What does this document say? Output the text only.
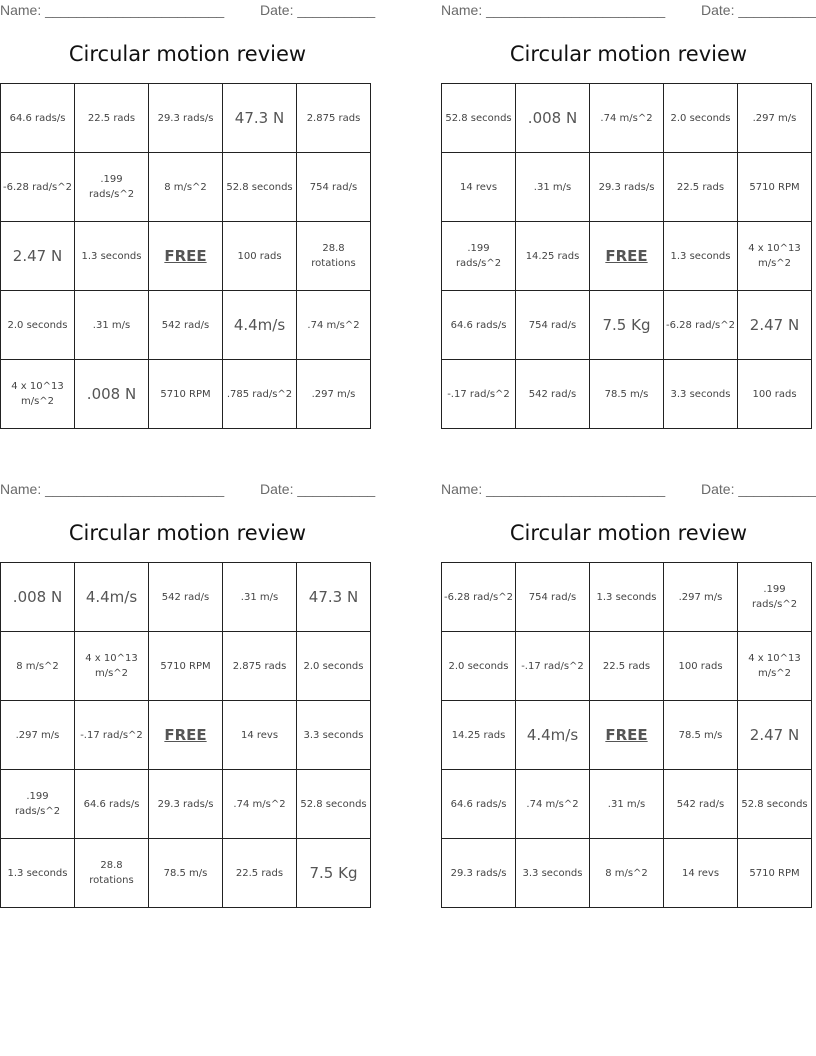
Name: _______________________	Date: __________
Circular motion review
64.6 rads/s	22.5 rads	29.3 rads/s	47.3 N	2.875 rads
-6.28 rad/s^2	.199 rads/s^2	8 m/s^2	52.8 seconds	754 rad/s
2.47 N	1.3 seconds	FREE	100 rads	28.8 rotations
2.0 seconds	.31 m/s	542 rad/s	4.4m/s	.74 m/s^2
4 x 10^13 m/s^2	.008 N	5710 RPM	.785 rad/s^2	.297 m/s
Name: _______________________	Date: __________
Circular motion review
52.8 seconds	.008 N	.74 m/s^2	2.0 seconds	.297 m/s
14 revs	.31 m/s	29.3 rads/s	22.5 rads	5710 RPM
.199 rads/s^2	14.25 rads	FREE	1.3 seconds	4 x 10^13 m/s^2
64.6 rads/s	754 rad/s	7.5 Kg	-6.28 rad/s^2	2.47 N
-.17 rad/s^2	542 rad/s	78.5 m/s	3.3 seconds	100 rads
Name: _______________________	Date: __________
Circular motion review
.008 N	4.4m/s	542 rad/s	.31 m/s	47.3 N
8 m/s^2	4 x 10^13 m/s^2	5710 RPM	2.875 rads	2.0 seconds
.297 m/s	-.17 rad/s^2	FREE	14 revs	3.3 seconds
.199 rads/s^2	64.6 rads/s	29.3 rads/s	.74 m/s^2	52.8 seconds
1.3 seconds	28.8 rotations	78.5 m/s	22.5 rads	7.5 Kg
Name: _______________________	Date: __________
Circular motion review
-6.28 rad/s^2	754 rad/s	1.3 seconds	.297 m/s	.199 rads/s^2
2.0 seconds	-.17 rad/s^2	22.5 rads	100 rads	4 x 10^13 m/s^2
14.25 rads	4.4m/s	FREE	78.5 m/s	2.47 N
64.6 rads/s	.74 m/s^2	.31 m/s	542 rad/s	52.8 seconds
29.3 rads/s	3.3 seconds	8 m/s^2	14 revs	5710 RPM
